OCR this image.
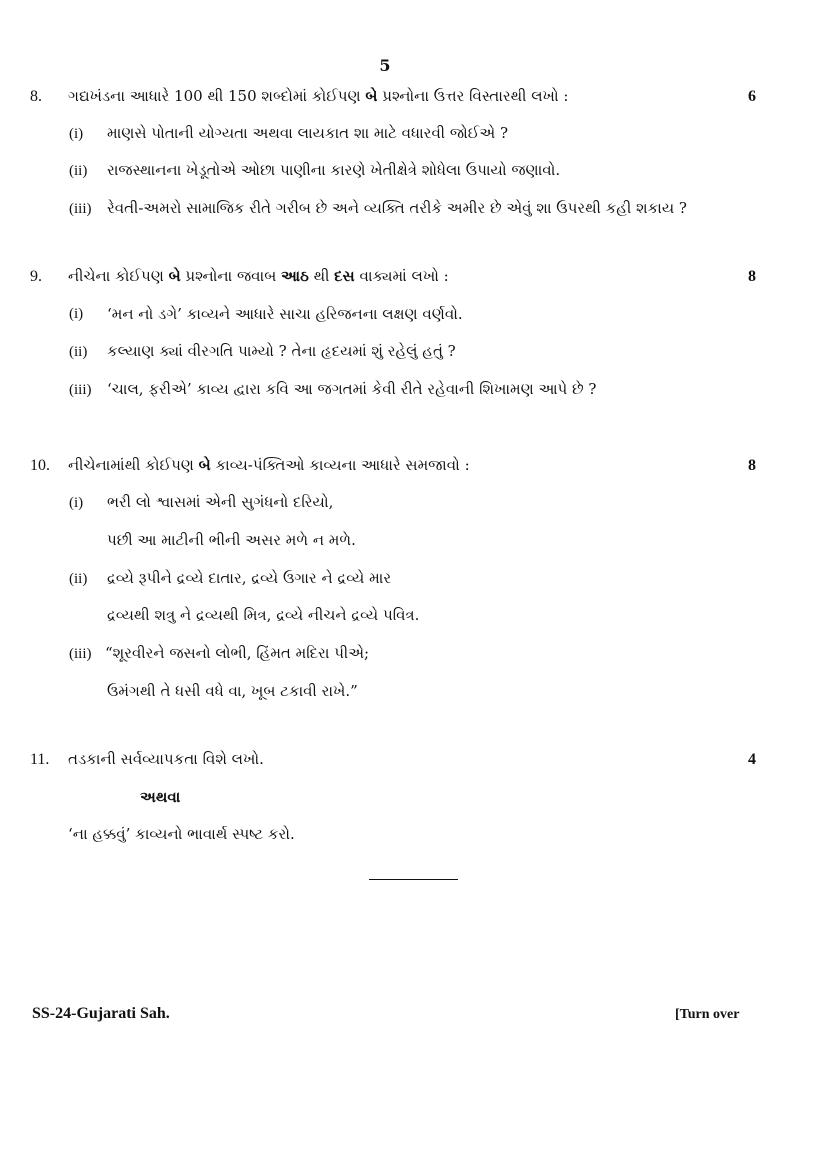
5
8. ગદ્યખંડના આધારે 100 થી 150 શબ્દોમાં કોઈપણ બે પ્રશ્નોના ઉત્તર વિસ્તારથી લખો :	6
(i) માણસે પોતાની યોગ્યતા અથવા લાયકાત શા માટે વધારવી જોઈએ ?
(ii) રાજસ્થાનના ખેડૂતોએ ઓછા પાણીના કારણે ખેતીક્ષેત્રે શોધેલા ઉપાયો જણાવો.
(iii) રેવતી-અમરો સામાજિક રીતે ગરીબ છે અને વ્યક્તિ તરીકે અમીર છે એવું શા ઉપરથી કહી શકાય ?
9. નીચેના કોઈપણ બે પ્રશ્નોના જવાબ આઠ થી દસ વાક્યમાં લખો :	8
(i) ‘મન નો ડગે’ કાવ્યને આધારે સાચા હરિજનના લક્ષણ વર્ણવો.
(ii) કલ્યાણ ક્યાં વીરગતિ પામ્યો ? તેના હૃદયમાં શું રહેલું હતું ?
(iii) ‘ચાલ, ફરીએ’ કાવ્ય દ્વારા કવિ આ જગતમાં કેવી રીતે રહેવાની શિખામણ આપે છે ?
10. નીચેનામાંથી કોઈપણ બે કાવ્ય-પંક્તિઓ કાવ્યના આધારે સમજાવો :	8
(i) ભરી લો શ્વાસમાં એની સુગંધનો દરિયો,
પછી આ માટીની ભીની અસર મળે ન મળે.
(ii) દ્રવ્યે રૂપીને દ્રવ્યે દાતાર, દ્રવ્યે ઉગાર ને દ્રવ્યે માર
દ્રવ્યથી શત્રુ ને દ્રવ્યથી મિત્ર, દ્રવ્યે નીચને દ્રવ્યે પવિત્ર.
(iii) “શૂરવીરને જસનો લોભી, હિંમત મદિરા પીએ;
ઉમંગથી તે ધસી વધે વા, ખૂબ ટકાવી રાખે.”
11. તડકાની સર્વવ્યાપકતા વિશે લખો.	4
અથવા
‘ના હક્કવું’ કાવ્યનો ભાવાર્થ સ્પષ્ટ કરો.
SS-24-Gujarati Sah.	[Turn over
